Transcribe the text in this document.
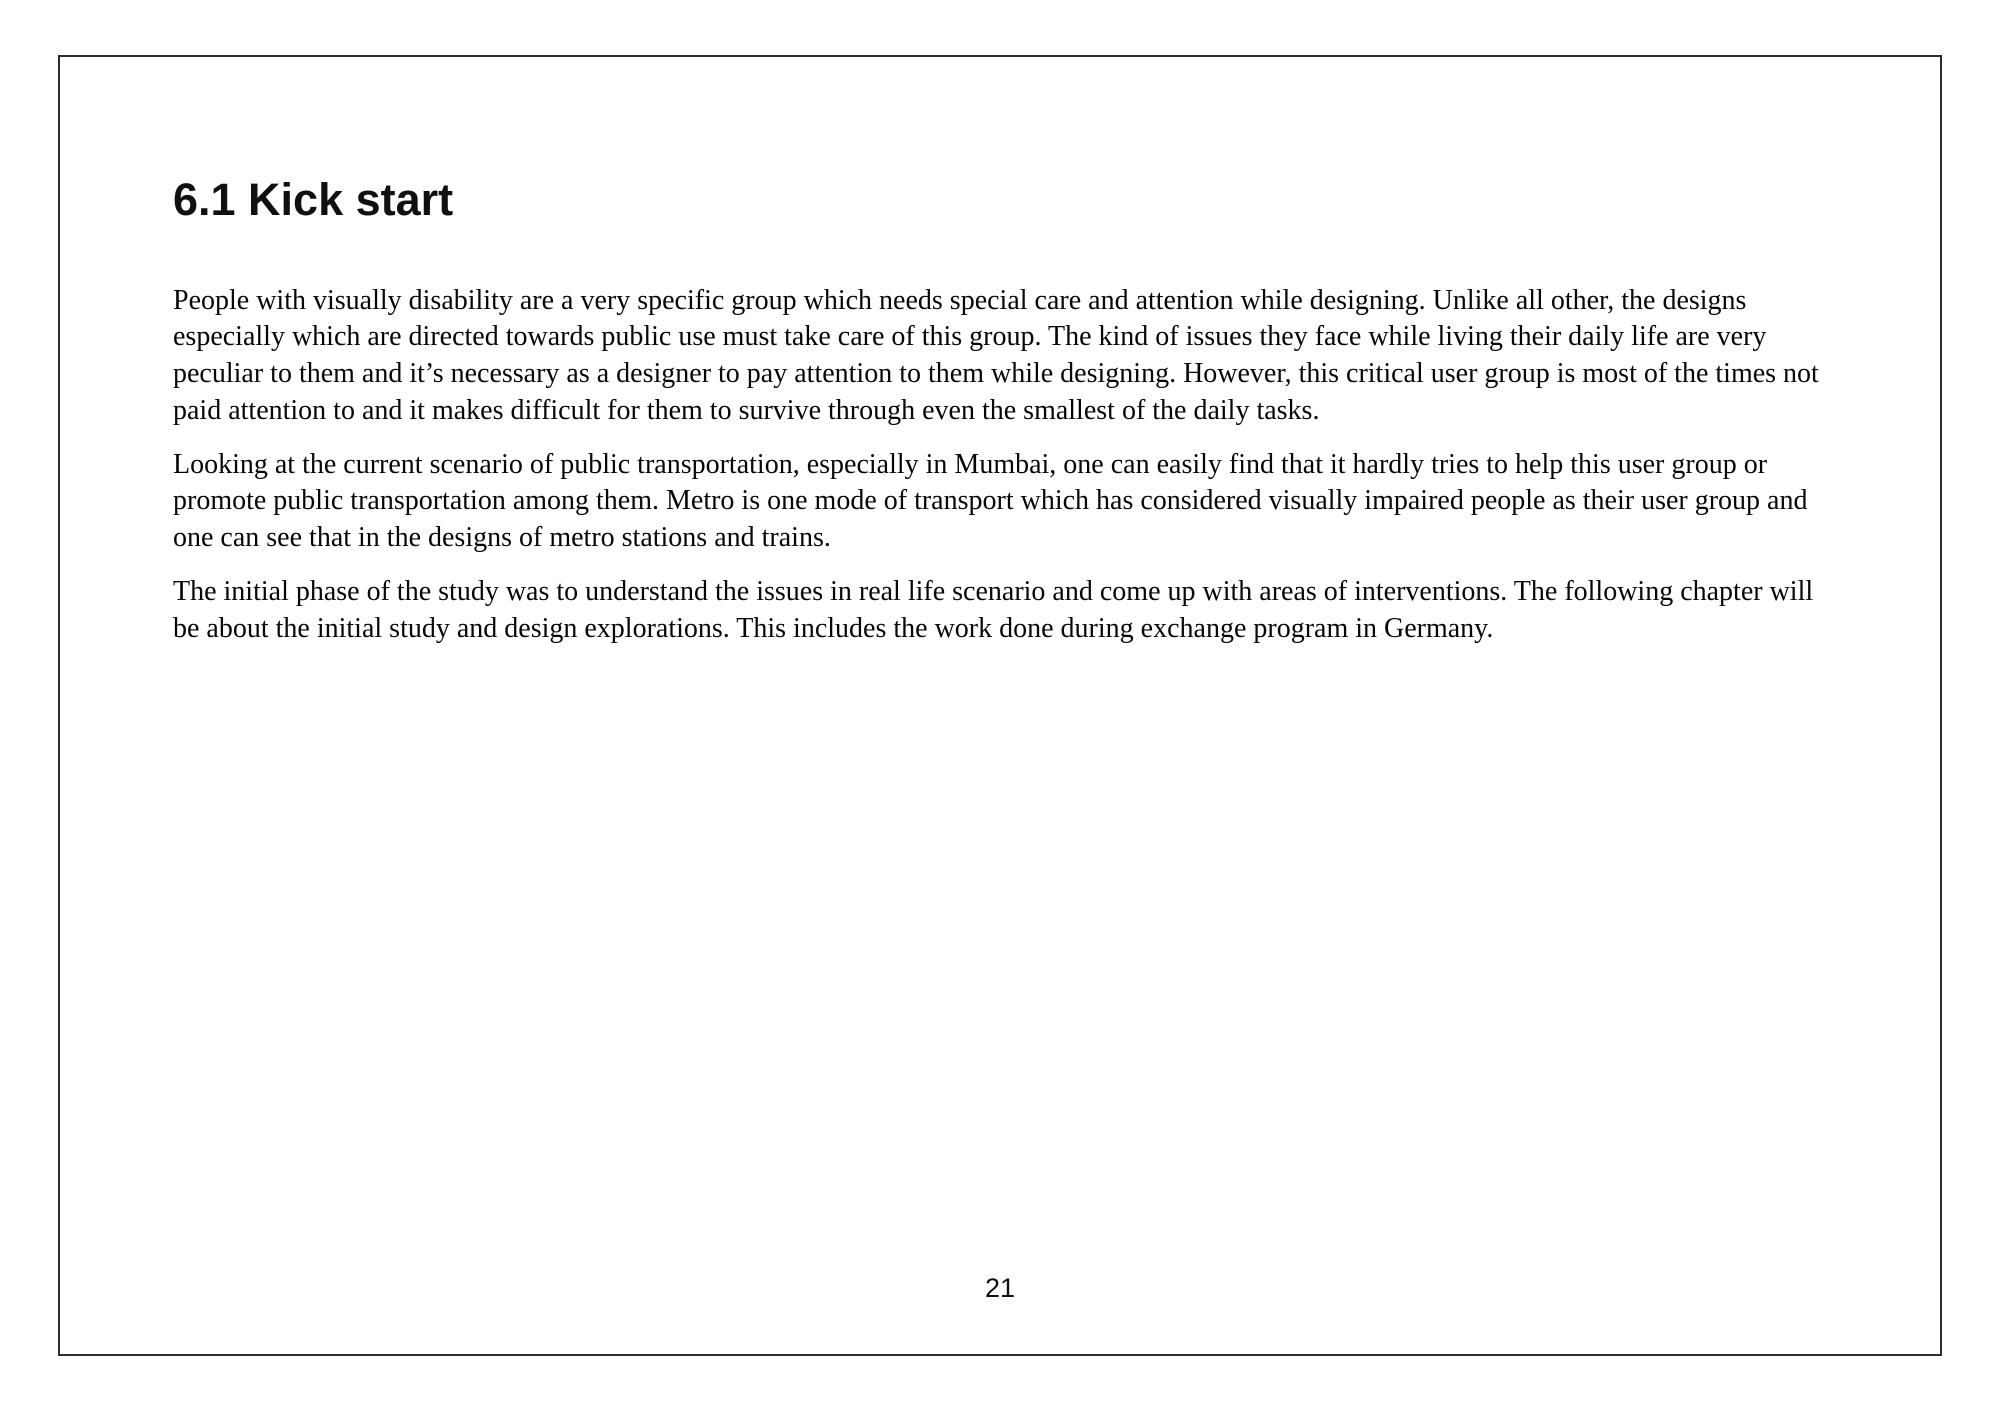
6.1 Kick start

People with visually disability are a very specific group which needs special care and attention while designing. Unlike all other, the designs especially which are directed towards public use must take care of this group. The kind of issues they face while living their daily life are very peculiar to them and it’s necessary as a designer to pay attention to them while designing. However, this critical user group is most of the times not paid attention to and it makes difficult for them to survive through even the smallest of the daily tasks.

Looking at the current scenario of public transportation, especially in Mumbai, one can easily find that it hardly tries to help this user group or promote public transportation among them. Metro is one mode of transport which has considered visually impaired people as their user group and one can see that in the designs of metro stations and trains.

The initial phase of the study was to understand the issues in real life scenario and come up with areas of interventions. The following chapter will be about the initial study and design explorations. This includes the work done during exchange program in Germany.

21
